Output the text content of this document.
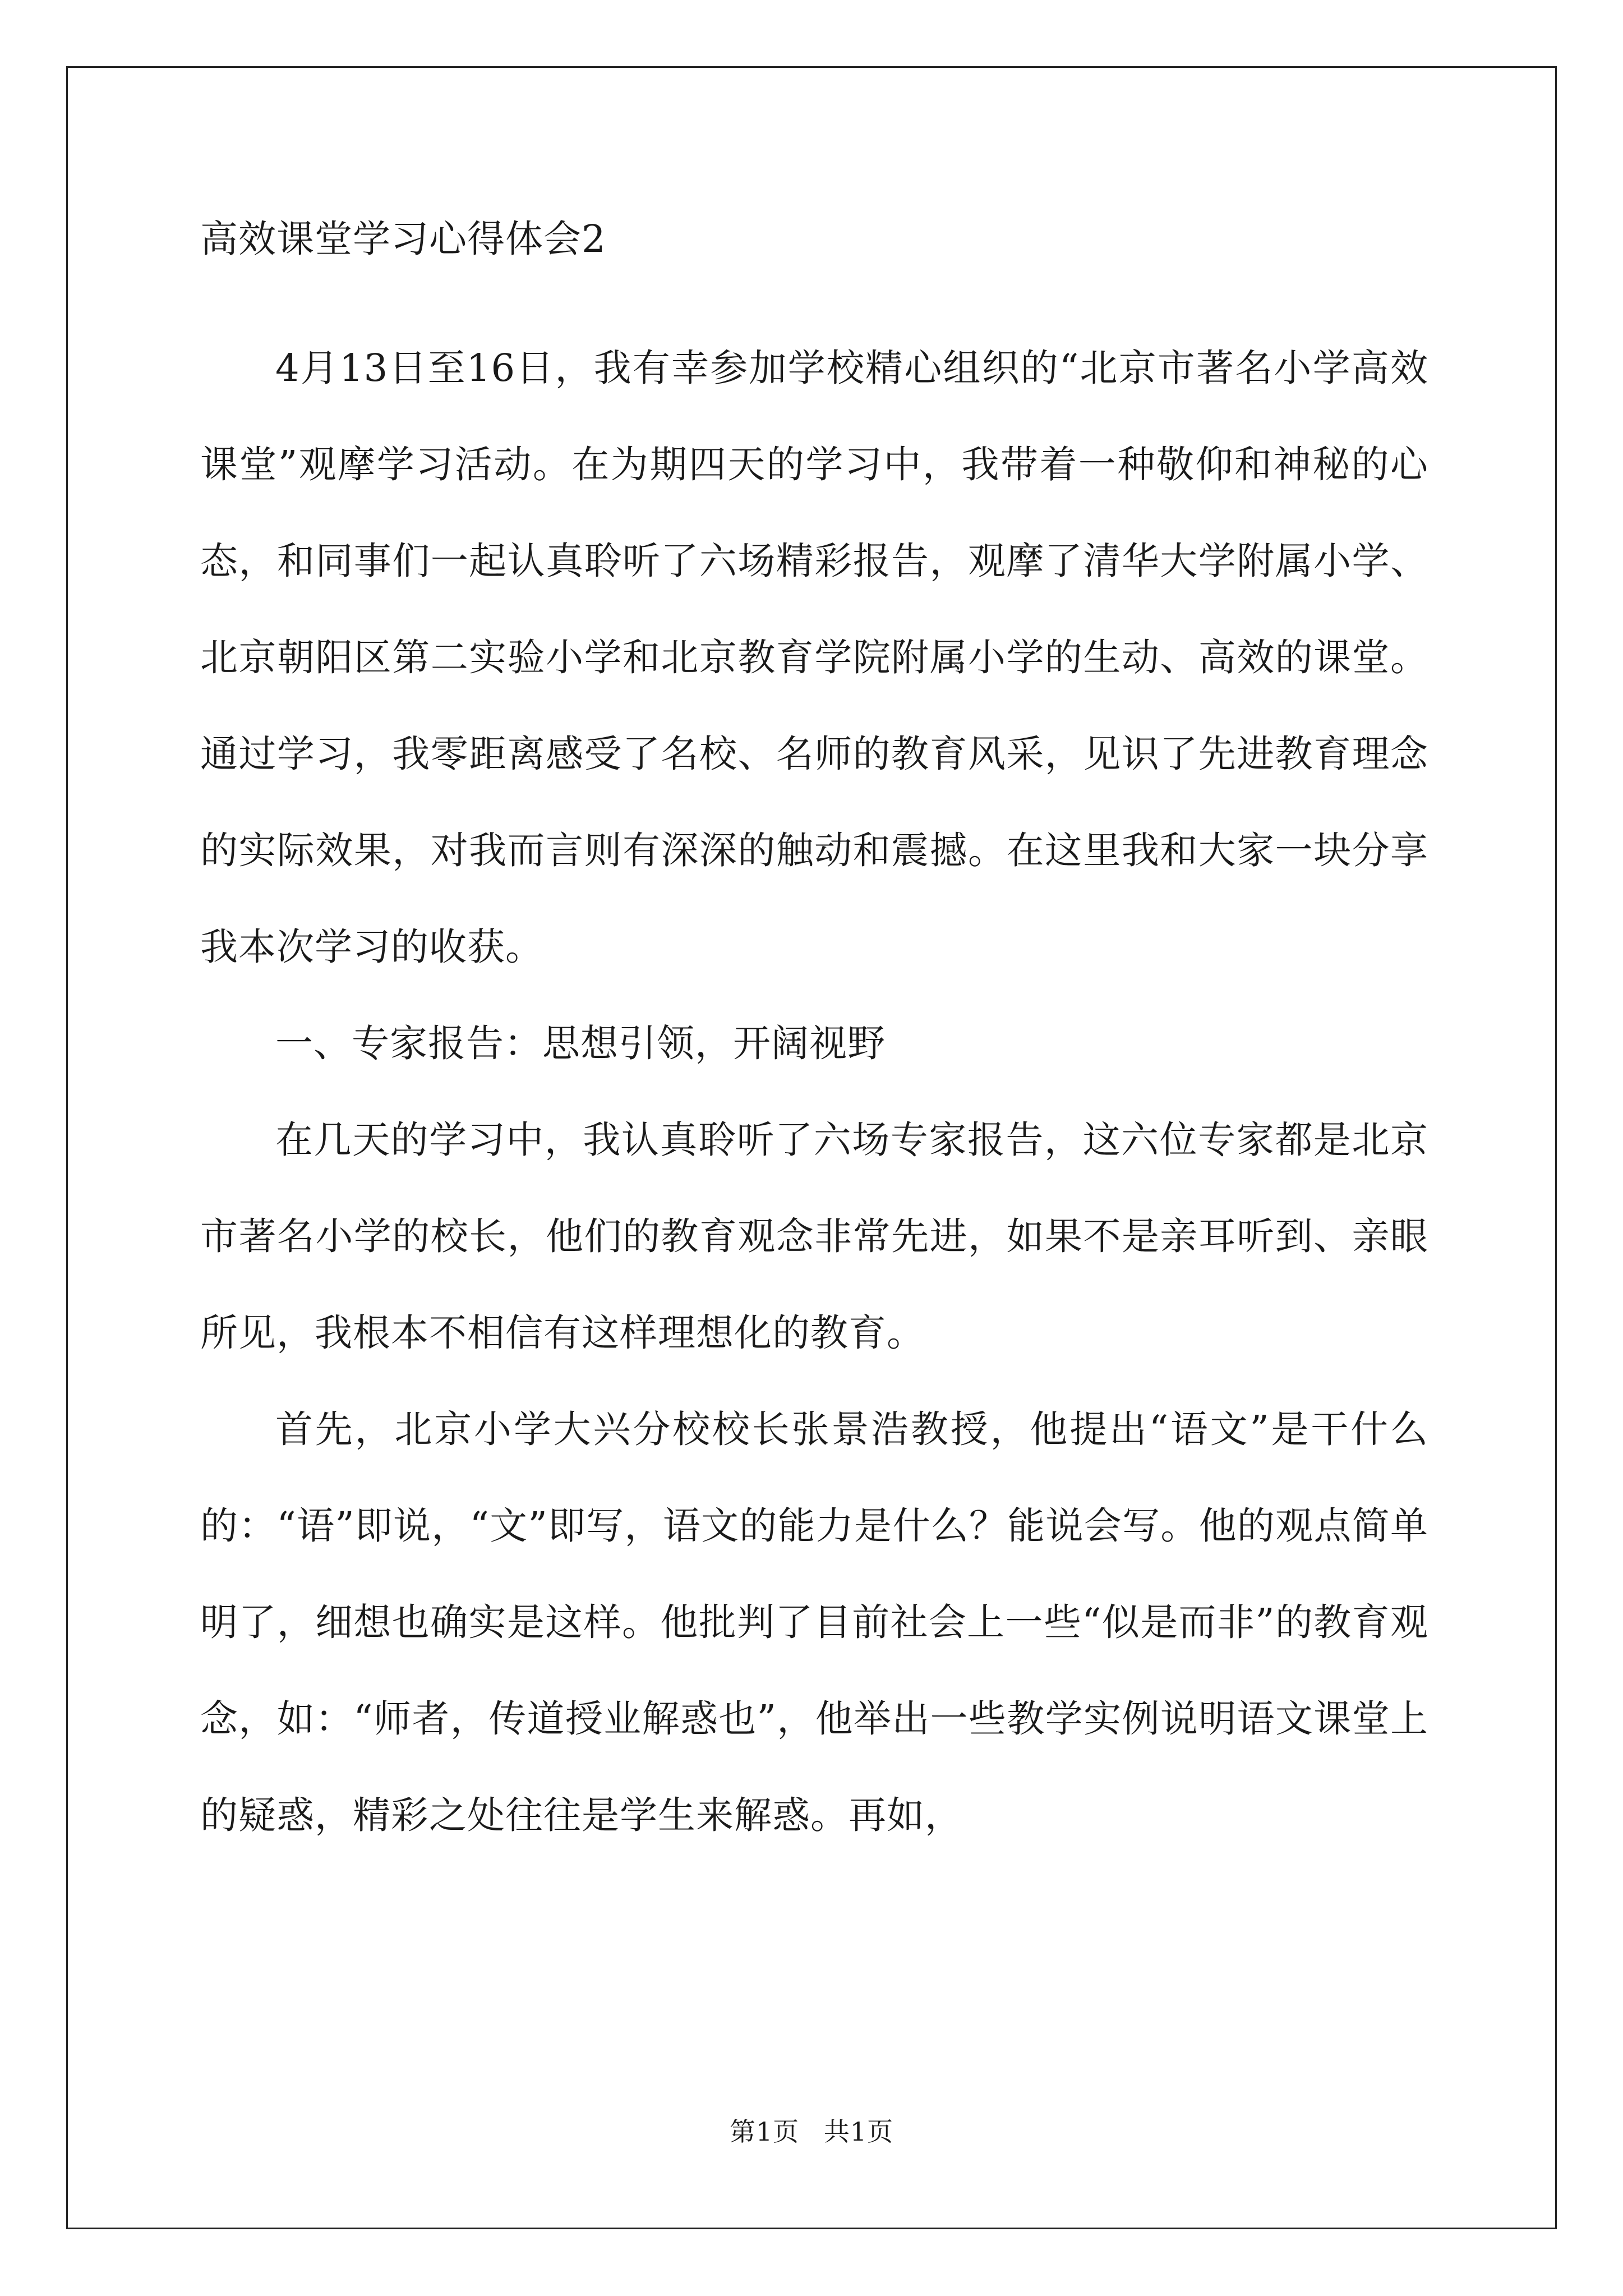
高效课堂学习心得体会2

4月13日至16日，我有幸参加学校精心组织的“北京市著名小学高效课堂”观摩学习活动。在为期四天的学习中，我带着一种敬仰和神秘的心态，和同事们一起认真聆听了六场精彩报告，观摩了清华大学附属小学、北京朝阳区第二实验小学和北京教育学院附属小学的生动、高效的课堂。通过学习，我零距离感受了名校、名师的教育风采，见识了先进教育理念的实际效果，对我而言则有深深的触动和震撼。在这里我和大家一块分享我本次学习的收获。

一、专家报告：思想引领，开阔视野

在几天的学习中，我认真聆听了六场专家报告，这六位专家都是北京市著名小学的校长，他们的教育观念非常先进，如果不是亲耳听到、亲眼所见，我根本不相信有这样理想化的教育。

首先，北京小学大兴分校校长张景浩教授，他提出“语文”是干什么的：“语”即说，“文”即写，语文的能力是什么？能说会写。他的观点简单明了，细想也确实是这样。他批判了目前社会上一些“似是而非”的教育观念，如：“师者，传道授业解惑也”，他举出一些教学实例说明语文课堂上的疑惑，精彩之处往往是学生来解惑。再如，

第1页 共1页
